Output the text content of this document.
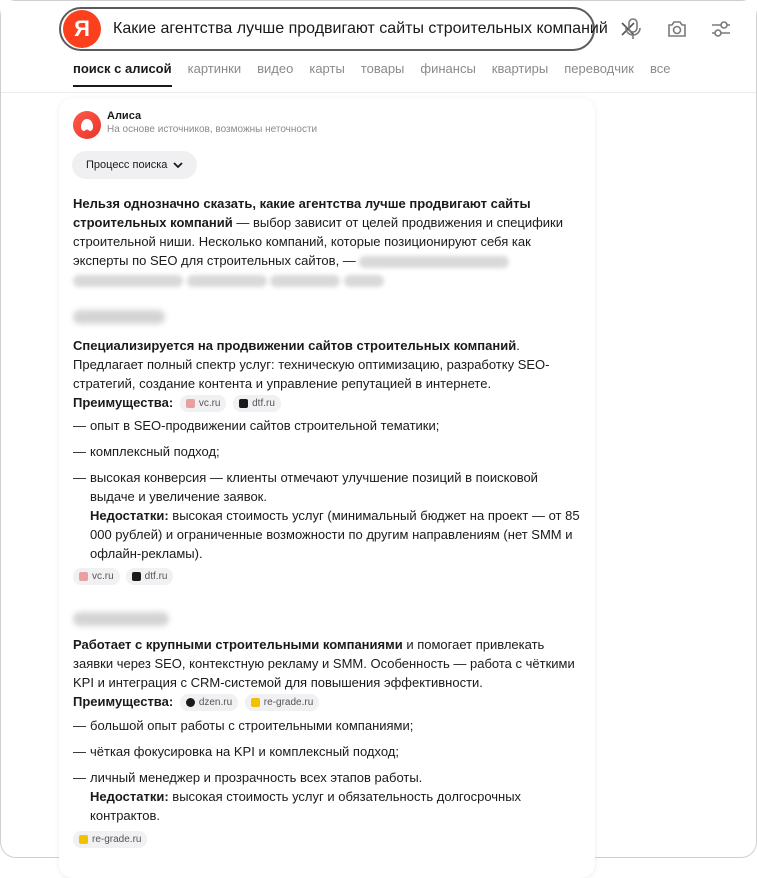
Я	Какие агентства лучше продвигают сайты строительных компаний
поиск с алисой картинки видео карты товары финансы квартиры переводчик все
Алиса
На основе источников, возможны неточности
Процесс поиска
Нельзя однозначно сказать, какие агентства лучше продвигают сайты строительных компаний — выбор зависит от целей продвижения и специфики строительной ниши. Несколько компаний, которые позиционируют себя как эксперты по SEO для строительных сайтов, —

Специализируется на продвижении сайтов строительных компаний. Предлагает полный спектр услуг: техническую оптимизацию, разработку SEO-стратегий, создание контента и управление репутацией в интернете.
Преимущества:	vc.ru
	dtf.ru
— опыт в SEO-продвижении сайтов строительной тематики;
— комплексный подход;
— высокая конверсия — клиенты отмечают улучшение позиций в поисковой выдаче и увеличение заявок.
Недостатки: высокая стоимость услуг (минимальный бюджет на проект — от 85 000 рублей) и ограниченные возможности по другим направлениям (нет SMM и офлайн-рекламы).
vc.ru	dtf.ru
Работает с крупными строительными компаниями и помогает привлекать заявки через SEO, контекстную рекламу и SMM. Особенность — работа с чёткими KPI и интеграция с CRM-системой для повышения эффективности.
Преимущества:	dzen.ru
	re-grade.ru
— большой опыт работы с строительными компаниями;
— чёткая фокусировка на KPI и комплексный подход;
— личный менеджер и прозрачность всех этапов работы.
Недостатки: высокая стоимость услуг и обязательность долгосрочных контрактов.
re-grade.ru
